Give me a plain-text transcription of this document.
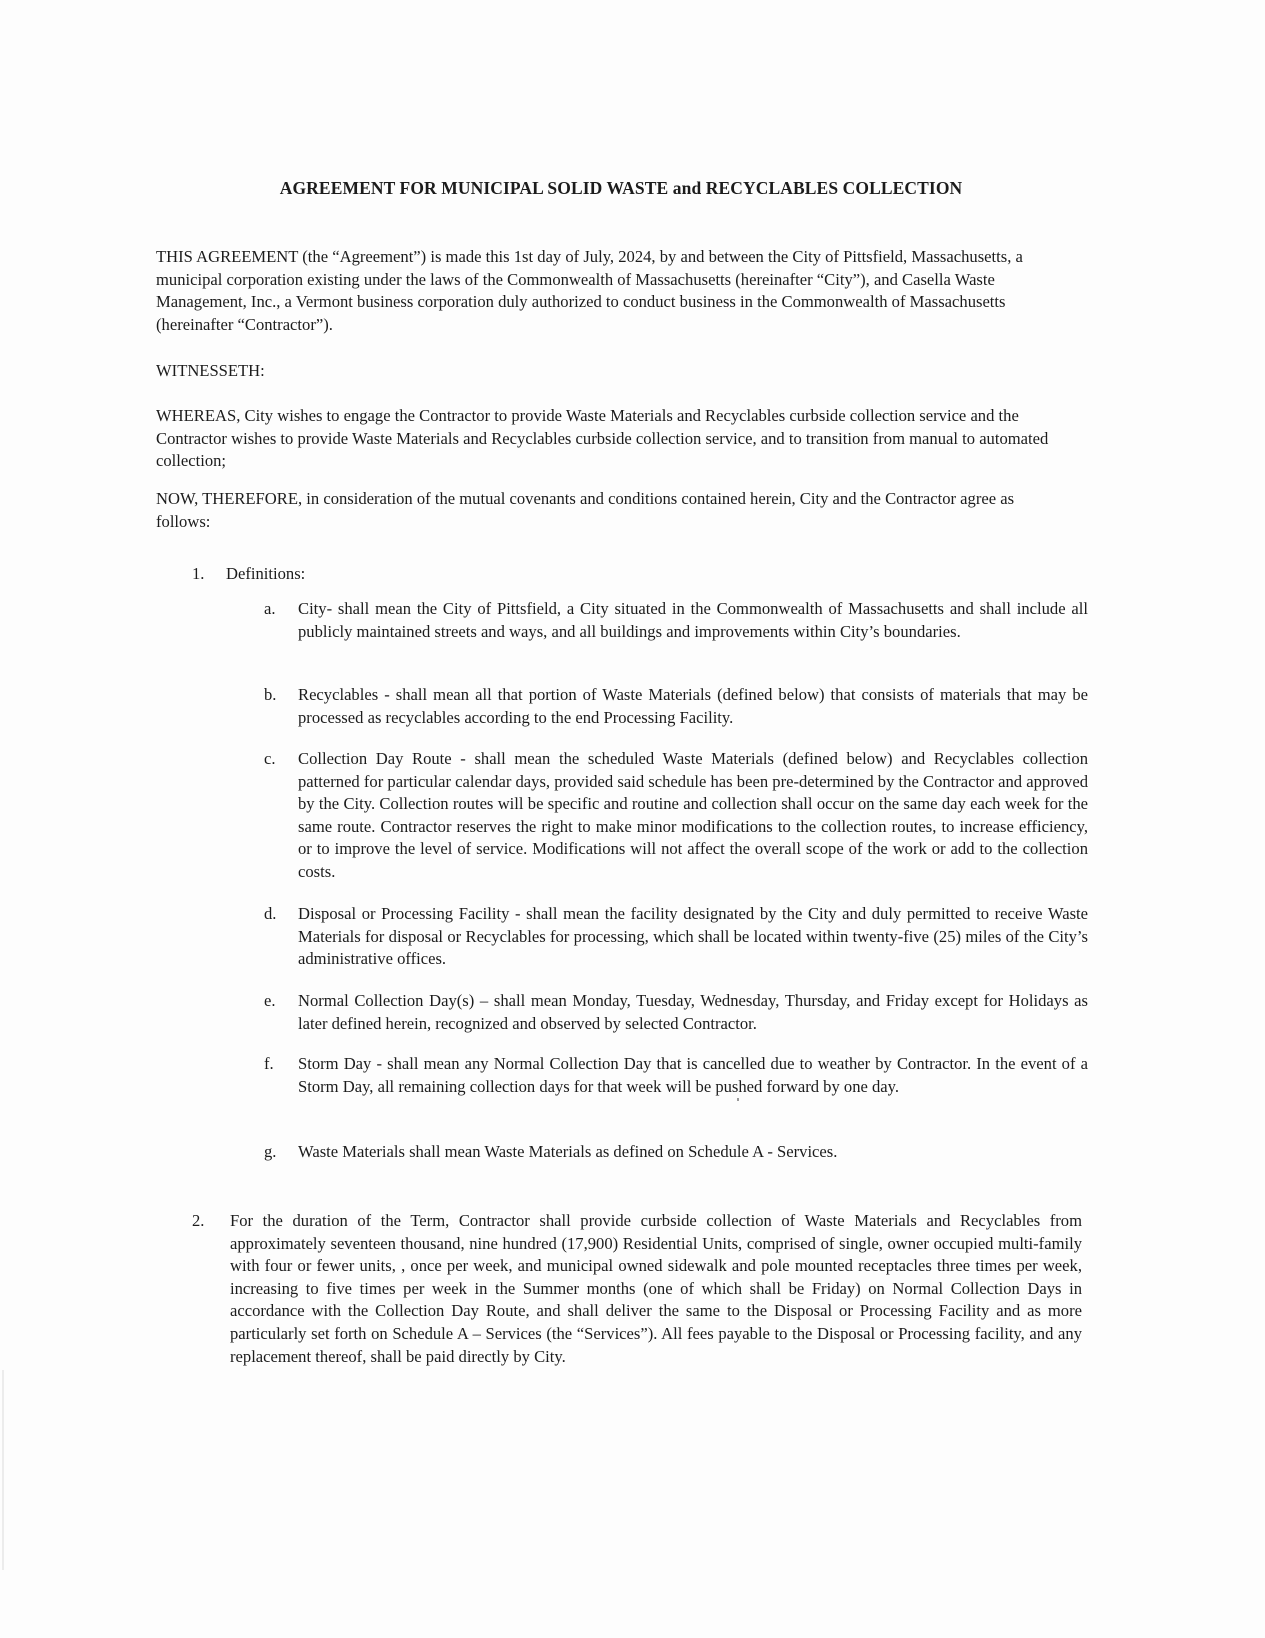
AGREEMENT FOR MUNICIPAL SOLID WASTE and RECYCLABLES COLLECTION

THIS AGREEMENT (the “Agreement”) is made this 1st day of July, 2024, by and between the City of Pittsfield, Massachusetts, a municipal corporation existing under the laws of the Commonwealth of Massachusetts (hereinafter “City”), and Casella Waste Management, Inc., a Vermont business corporation duly authorized to conduct business in the Commonwealth of Massachusetts (hereinafter “Contractor”).

WITNESSETH:

WHEREAS, City wishes to engage the Contractor to provide Waste Materials and Recyclables curbside collection service and the Contractor wishes to provide Waste Materials and Recyclables curbside collection service, and to transition from manual to automated collection;

NOW, THEREFORE, in consideration of the mutual covenants and conditions contained herein, City and the Contractor agree as follows:

1. Definitions:
a. City- shall mean the City of Pittsfield, a City situated in the Commonwealth of Massachusetts and shall include all publicly maintained streets and ways, and all buildings and improvements within City’s boundaries.

b. Recyclables - shall mean all that portion of Waste Materials (defined below) that consists of materials that may be processed as recyclables according to the end Processing Facility.

c. Collection Day Route - shall mean the scheduled Waste Materials (defined below) and Recyclables collection patterned for particular calendar days, provided said schedule has been pre-determined by the Contractor and approved by the City. Collection routes will be specific and routine and collection shall occur on the same day each week for the same route. Contractor reserves the right to make minor modifications to the collection routes, to increase efficiency, or to improve the level of service. Modifications will not affect the overall scope of the work or add to the collection costs.

d. Disposal or Processing Facility - shall mean the facility designated by the City and duly permitted to receive Waste Materials for disposal or Recyclables for processing, which shall be located within twenty-five (25) miles of the City’s administrative offices.

e. Normal Collection Day(s) – shall mean Monday, Tuesday, Wednesday, Thursday, and Friday except for Holidays as later defined herein, recognized and observed by selected Contractor.

f. Storm Day - shall mean any Normal Collection Day that is cancelled due to weather by Contractor. In the event of a Storm Day, all remaining collection days for that week will be pushed forward by one day.

g. Waste Materials shall mean Waste Materials as defined on Schedule A - Services.

2. For the duration of the Term, Contractor shall provide curbside collection of Waste Materials and Recyclables from approximately seventeen thousand, nine hundred (17,900) Residential Units, comprised of single, owner occupied multi-family with four or fewer units, , once per week, and municipal owned sidewalk and pole mounted receptacles three times per week, increasing to five times per week in the Summer months (one of which shall be Friday) on Normal Collection Days in accordance with the Collection Day Route, and shall deliver the same to the Disposal or Processing Facility and as more particularly set forth on Schedule A – Services (the “Services”). All fees payable to the Disposal or Processing facility, and any replacement thereof, shall be paid directly by City.
